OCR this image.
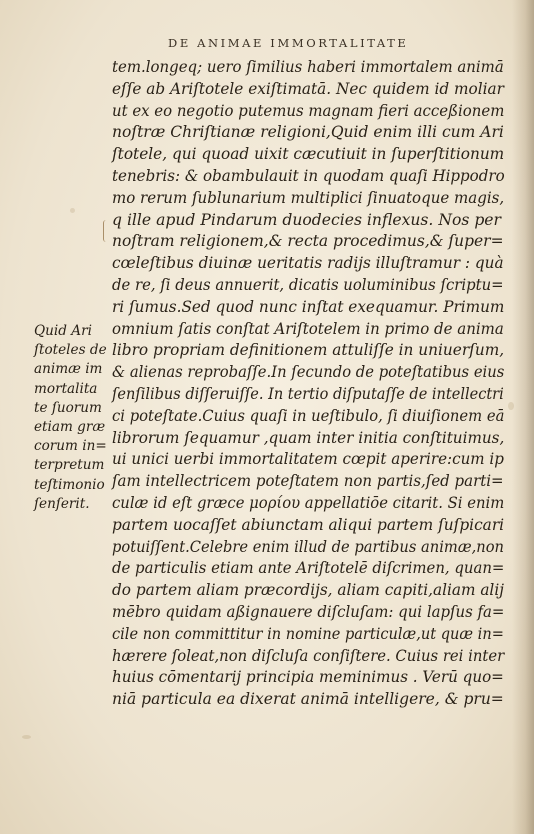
DE ANIMAE IMMORTALITATE
tem.longeq; uero ſimilius haberi immortalem animā
eſſe ab Ariſtotele exiſtimatā. Nec quidem id moliar
ut ex eo negotio putemus magnam fieri acceßionem
noſtræ Chriſtianæ religioni,Quid enim illi cum Ari
ſtotele, qui quoad uixit cæcutiuit in ſuperſtitionum
tenebris: & obambulauit in quodam quaſi Hippodro
mo rerum ſublunarium multiplici ſinuatoque magis,
q ille apud Pindarum duodecies inflexus. Nos per
noſtram religionem,& recta procedimus,& ſuper=
cœleſtibus diuinæ ueritatis radijs illuſtramur : quà
de re, ſi deus annuerit, dicatis uoluminibus ſcriptu=
ri ſumus.Sed quod nunc inſtat exequamur. Primum
omnium ſatis conſtat Ariſtotelem in primo de anima
libro propriam definitionem attuliſſe in uniuerſum,
& alienas reprobaſſe.In ſecundo de poteſtatibus eius
ſenſilibus diſſeruiſſe. In tertio diſputaſſe de intellectri
ci poteſtate.Cuius quaſi in ueſtibulo, ſi diuiſionem eā
librorum ſequamur ,quam inter initia conſtituimus,
ui unici uerbi immortalitatem cœpit aperire:cum ip
ſam intellectricem poteſtatem non partis,ſed parti=
culæ id eſt græce μορίου appellatiōe citarit. Si enim
partem uocaſſet abiunctam aliqui partem ſuſpicari
potuiſſent.Celebre enim illud de partibus animæ,non
de particulis etiam ante Ariſtotelē diſcrimen, quan=
do partem aliam præcordijs, aliam capiti,aliam alij
mēbro quidam aßignauere diſcluſam: qui lapſus fa=
cile non committitur in nomine particulæ,ut quæ in=
hærere ſoleat,non diſcluſa conſiſtere. Cuius rei inter
huius cōmentarij principia meminimus . Verū quo=
niā particula ea dixerat animā intelligere, & pru=
Quid Ari
ſtoteles de
animæ im
mortalita
te ſuorum
etiam græ
corum in=
terpretum
teſtimonio
ſenſerit.
